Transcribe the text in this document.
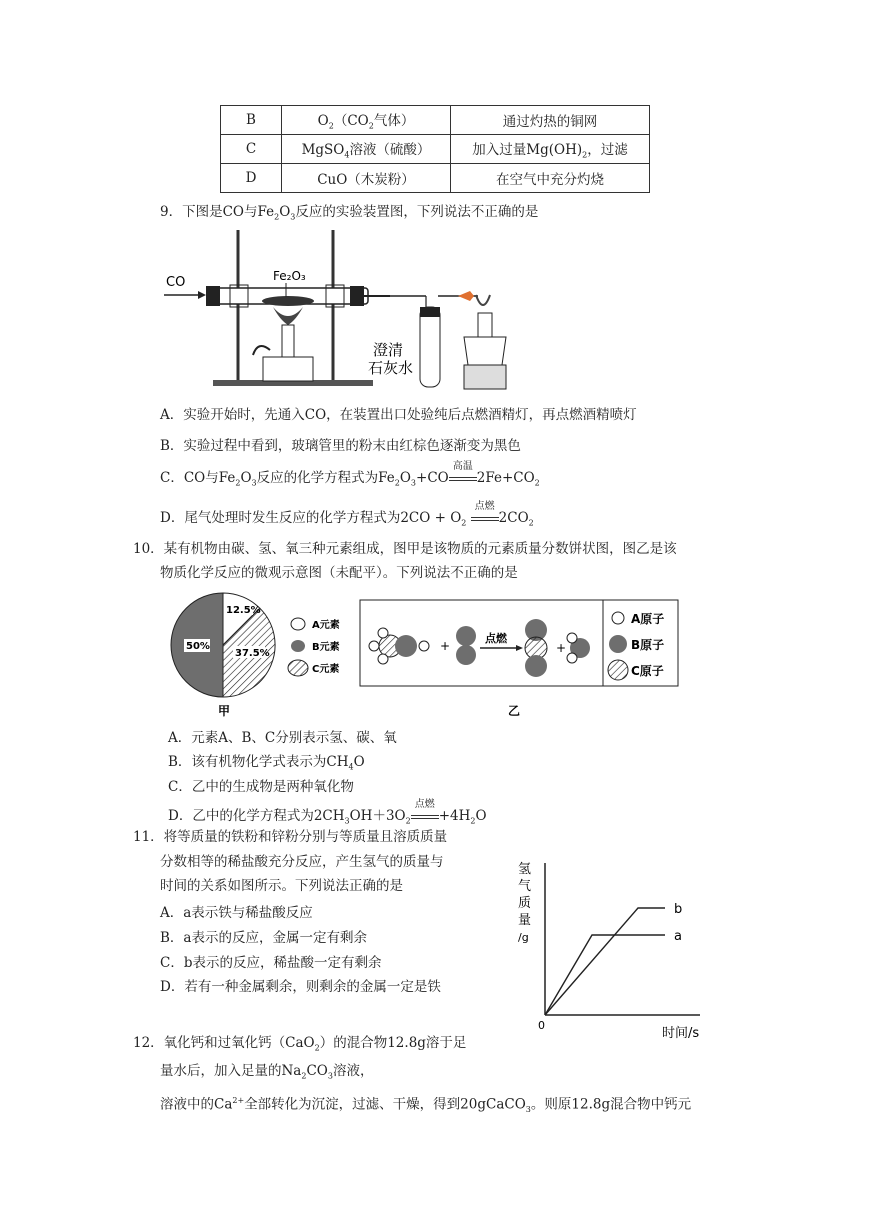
B	$O_2(CO_2$气体）	通过灼热的铜网
C	MgSO$_4$溶液（硫酸）	加入过量$Mg(OH)_2$，过滤
D	CuO（木炭粉）	在空气中充分灼烧
9．下图是CO与$Fe_2O_3$反应的实验装置图，下列说法不正确的是
CO	Fe₂O₃
澄清
石灰水
A．实验开始时，先通入CO，在装置出口处验纯后点燃酒精灯，再点燃酒精喷灯
B．实验过程中看到，玻璃管里的粉末由红棕色逐渐变为黑色
C．CO与$Fe_2O_3$反应的化学方程式为$Fe_2O_3+CO$
高温
$2Fe+CO_2$
D．尾气处理时发生反应的化学方程式为$2CO + O_2$
点燃
$2CO_2$
10．某有机物由碳、氢、氧三种元素组成，图甲是该物质的元素质量分数饼状图，图乙是该
物质化学反应的微观示意图（未配平）。下列说法不正确的是
12.5%
37.5%
50%
甲
A元素
B元素
C元素
+
点燃
+
A原子
B原子
C原子
乙
A．元素A、B、C分别表示氢、碳、氧
B．该有机物化学式表示为$CH_4O$
C．乙中的生成物是两种氧化物
D．乙中的化学方程式为$2CH_3OH+3O_2$
点燃
$+4H_2O$
11．将等质量的铁粉和锌粉分别与等质量且溶质质量
分数相等的稀盐酸充分反应，产生氢气的质量与
时间的关系如图所示。下列说法正确的是
A．a表示铁与稀盐酸反应
B．a表示的反应，金属一定有剩余
C．b表示的反应，稀盐酸一定有剩余
D．若有一种金属剩余，则剩余的金属一定是铁
氢
气
质
量
/g
0
时间/s
b
a
12．氧化钙和过氧化钙（CaO$_2$）的混合物12.8g溶于足
量水后，加入足量的$Na_2CO_3$溶液，
溶液中的$Ca^{2+}$全部转化为沉淀，过滤、干燥，得到20gCaCO$_3$。则原12.8g混合物中钙元
